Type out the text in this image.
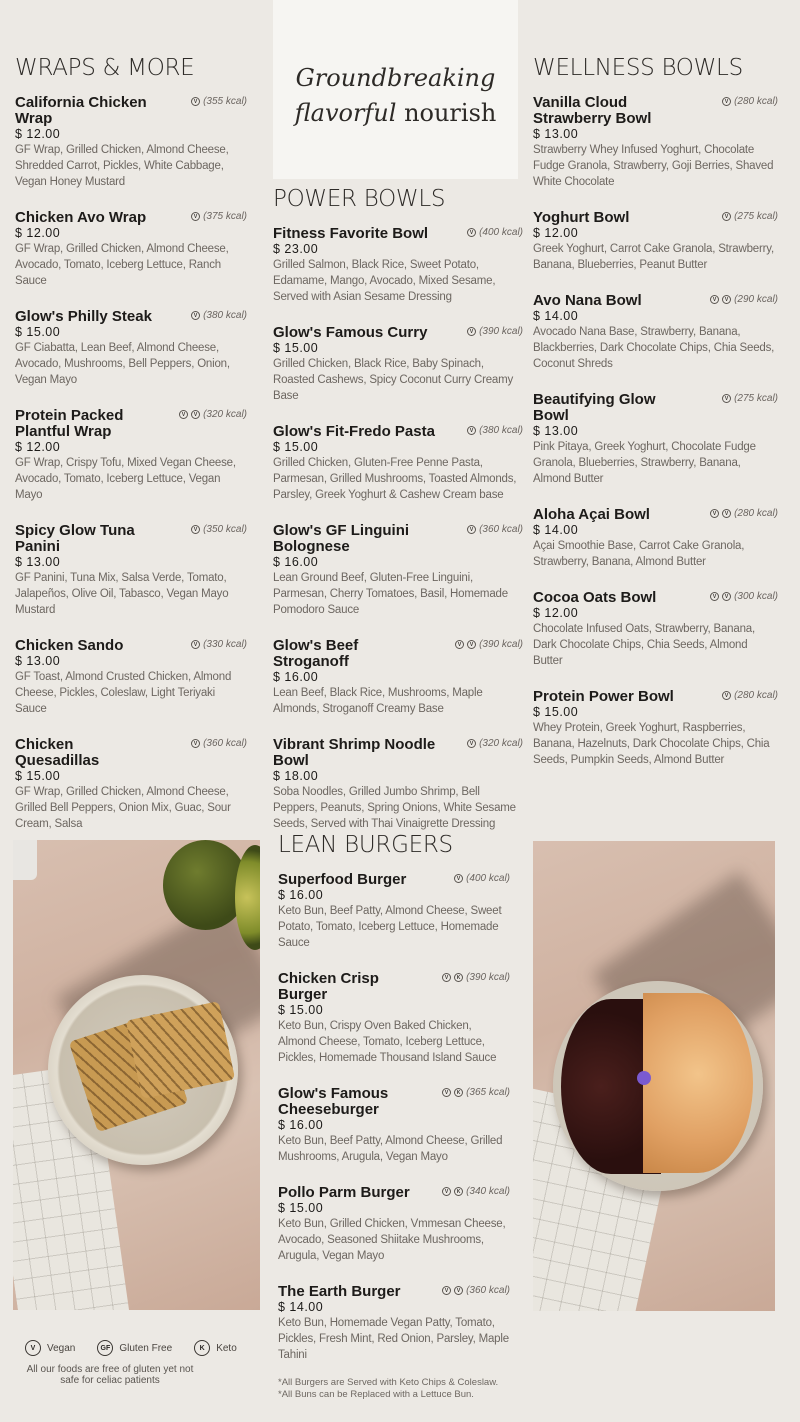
Groundbreaking
flavorful nourish
WRAPS & MORE
California Chicken Wrap
V (355 kcal)
$ 12.00
GF Wrap, Grilled Chicken, Almond Cheese, Shredded Carrot, Pickles, White Cabbage, Vegan Honey Mustard
Chicken Avo Wrap	V (375 kcal)
$ 12.00
GF Wrap, Grilled Chicken, Almond Cheese, Avocado, Tomato, Iceberg Lettuce, Ranch Sauce
Glow's Philly Steak	V (380 kcal)
$ 15.00
GF Ciabatta, Lean Beef, Almond Cheese, Avocado, Mushrooms, Bell Peppers, Onion, Vegan Mayo
Protein Packed Plantful Wrap
V	V (320 kcal)
$ 12.00
GF Wrap, Crispy Tofu, Mixed Vegan Cheese, Avocado, Tomato, Iceberg Lettuce, Vegan Mayo
Spicy Glow Tuna Panini
V (350 kcal)
$ 13.00
GF Panini, Tuna Mix, Salsa Verde, Tomato, Jalapeños, Olive Oil, Tabasco, Vegan Mayo Mustard
Chicken Sando	V (330 kcal)
$ 13.00
GF Toast, Almond Crusted Chicken, Almond Cheese, Pickles, Coleslaw, Light Teriyaki Sauce
Chicken Quesadillas
V (360 kcal)
$ 15.00
GF Wrap, Grilled Chicken, Almond Cheese, Grilled Bell Peppers, Onion Mix, Guac, Sour Cream, Salsa
POWER BOWLS
Fitness Favorite Bowl	V (400 kcal)
$ 23.00
Grilled Salmon, Black Rice, Sweet Potato, Edamame, Mango, Avocado, Mixed Sesame, Served with Asian Sesame Dressing
Glow's Famous Curry	V (390 kcal)
$ 15.00
Grilled Chicken, Black Rice, Baby Spinach, Roasted Cashews, Spicy Coconut Curry Creamy Base
Glow's Fit-Fredo Pasta	V (380 kcal)
$ 15.00
Grilled Chicken, Gluten-Free Penne Pasta, Parmesan, Grilled Mushrooms, Toasted Almonds, Parsley, Greek Yoghurt & Cashew Cream base
Glow's GF Linguini Bolognese
V (360 kcal)
$ 16.00
Lean Ground Beef, Gluten-Free Linguini, Parmesan, Cherry Tomatoes, Basil, Homemade Pomodoro Sauce
Glow's Beef Stroganoff
V	V (390 kcal)
$ 16.00
Lean Beef, Black Rice, Mushrooms, Maple Almonds, Stroganoff Creamy Base
Vibrant Shrimp Noodle Bowl
V (320 kcal)
$ 18.00
Soba Noodles, Grilled Jumbo Shrimp, Bell Peppers, Peanuts, Spring Onions, White Sesame Seeds, Served with Thai Vinaigrette Dressing
WELLNESS BOWLS
Vanilla Cloud Strawberry Bowl
V (280 kcal)
$ 13.00
Strawberry Whey Infused Yoghurt, Chocolate Fudge Granola, Strawberry, Goji Berries, Shaved White Chocolate
Yoghurt Bowl	V (275 kcal)
$ 12.00
Greek Yoghurt, Carrot Cake Granola, Strawberry, Banana, Blueberries, Peanut Butter
Avo Nana Bowl	V	V (290 kcal)
$ 14.00
Avocado Nana Base, Strawberry, Banana, Blackberries, Dark Chocolate Chips, Chia Seeds, Coconut Shreds
Beautifying Glow Bowl
V (275 kcal)
$ 13.00
Pink Pitaya, Greek Yoghurt, Chocolate Fudge Granola, Blueberries, Strawberry, Banana, Almond Butter
Aloha Açai Bowl	V	V (280 kcal)
$ 14.00
Açai Smoothie Base, Carrot Cake Granola, Strawberry, Banana, Almond Butter
Cocoa Oats Bowl	V	V (300 kcal)
$ 12.00
Chocolate Infused Oats, Strawberry, Banana, Dark Chocolate Chips, Chia Seeds, Almond Butter
Protein Power Bowl	V (280 kcal)
$ 15.00
Whey Protein, Greek Yoghurt, Raspberries, Banana, Hazelnuts, Dark Chocolate Chips, Chia Seeds, Pumpkin Seeds, Almond Butter
LEAN BURGERS
Superfood Burger	V (400 kcal)
$ 16.00
Keto Bun, Beef Patty, Almond Cheese, Sweet Potato, Tomato, Iceberg Lettuce, Homemade Sauce
Chicken Crisp Burger
V	K (390 kcal)
$ 15.00
Keto Bun, Crispy Oven Baked Chicken, Almond Cheese, Tomato, Iceberg Lettuce, Pickles, Homemade Thousand Island Sauce
Glow's Famous Cheeseburger
V	K (365 kcal)
$ 16.00
Keto Bun, Beef Patty, Almond Cheese, Grilled Mushrooms, Arugula, Vegan Mayo
Pollo Parm Burger	V	K (340 kcal)
$ 15.00
Keto Bun, Grilled Chicken, Vmmesan Cheese, Avocado, Seasoned Shiitake Mushrooms, Arugula, Vegan Mayo
The Earth Burger	V	V (360 kcal)
$ 14.00
Keto Bun, Homemade Vegan Patty, Tomato, Pickles, Fresh Mint, Red Onion, Parsley, Maple Tahini
*All Burgers are Served with Keto Chips & Coleslaw.
*All Buns can be Replaced with a Lettuce Bun.
V	Vegan	GF Gluten Free	K	Keto
All our foods are free of gluten yet not safe for celiac patients
